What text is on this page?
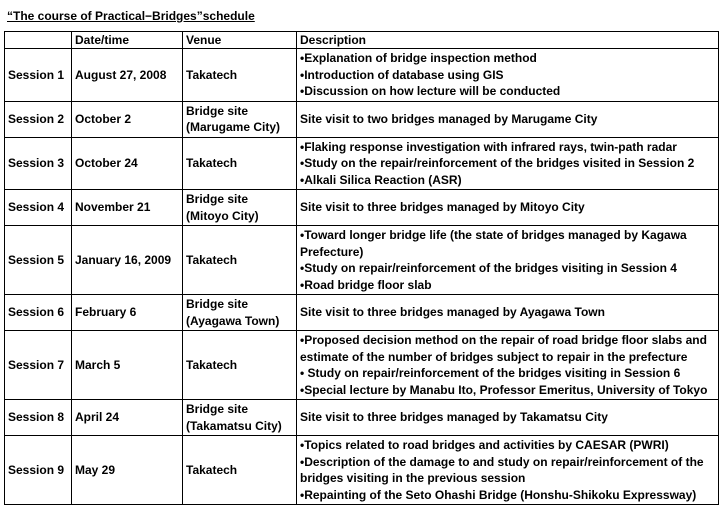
“The course of Practical−Bridges”schedule
	Date/time	Venue	Description
Session 1	August 27, 2008	Takatech	•Explanation of bridge inspection method
•Introduction of database using GIS
•Discussion on how lecture will be conducted

Session 2	October 2	Bridge site
(Marugame City)	Site visit to two bridges managed by Marugame City

Session 3	October 24	Takatech	•Flaking response investigation with infrared rays, twin-path radar
•Study on the repair/reinforcement of the bridges visited in Session 2
•Alkali Silica Reaction (ASR)

Session 4	November 21	Bridge site
(Mitoyo City)	Site visit to three bridges managed by Mitoyo City

Session 5	January 16, 2009	Takatech	•Toward longer bridge life (the state of bridges managed by Kagawa Prefecture)
•Study on repair/reinforcement of the bridges visiting in Session 4
•Road bridge floor slab

Session 6	February 6	Bridge site
(Ayagawa Town)	Site visit to three bridges managed by Ayagawa Town

Session 7	March 5	Takatech	•Proposed decision method on the repair of road bridge floor slabs and estimate of the number of bridges subject to repair in the prefecture
• Study on repair/reinforcement of the bridges visiting in Session 6
•Special lecture by Manabu Ito, Professor Emeritus, University of Tokyo

Session 8	April 24	Bridge site
(Takamatsu City)	Site visit to three bridges managed by Takamatsu City

Session 9	May 29	Takatech	•Topics related to road bridges and activities by CAESAR (PWRI)
•Description of the damage to and study on repair/reinforcement of the bridges visiting in the previous session
•Repainting of the Seto Ohashi Bridge (Honshu-Shikoku Expressway)
